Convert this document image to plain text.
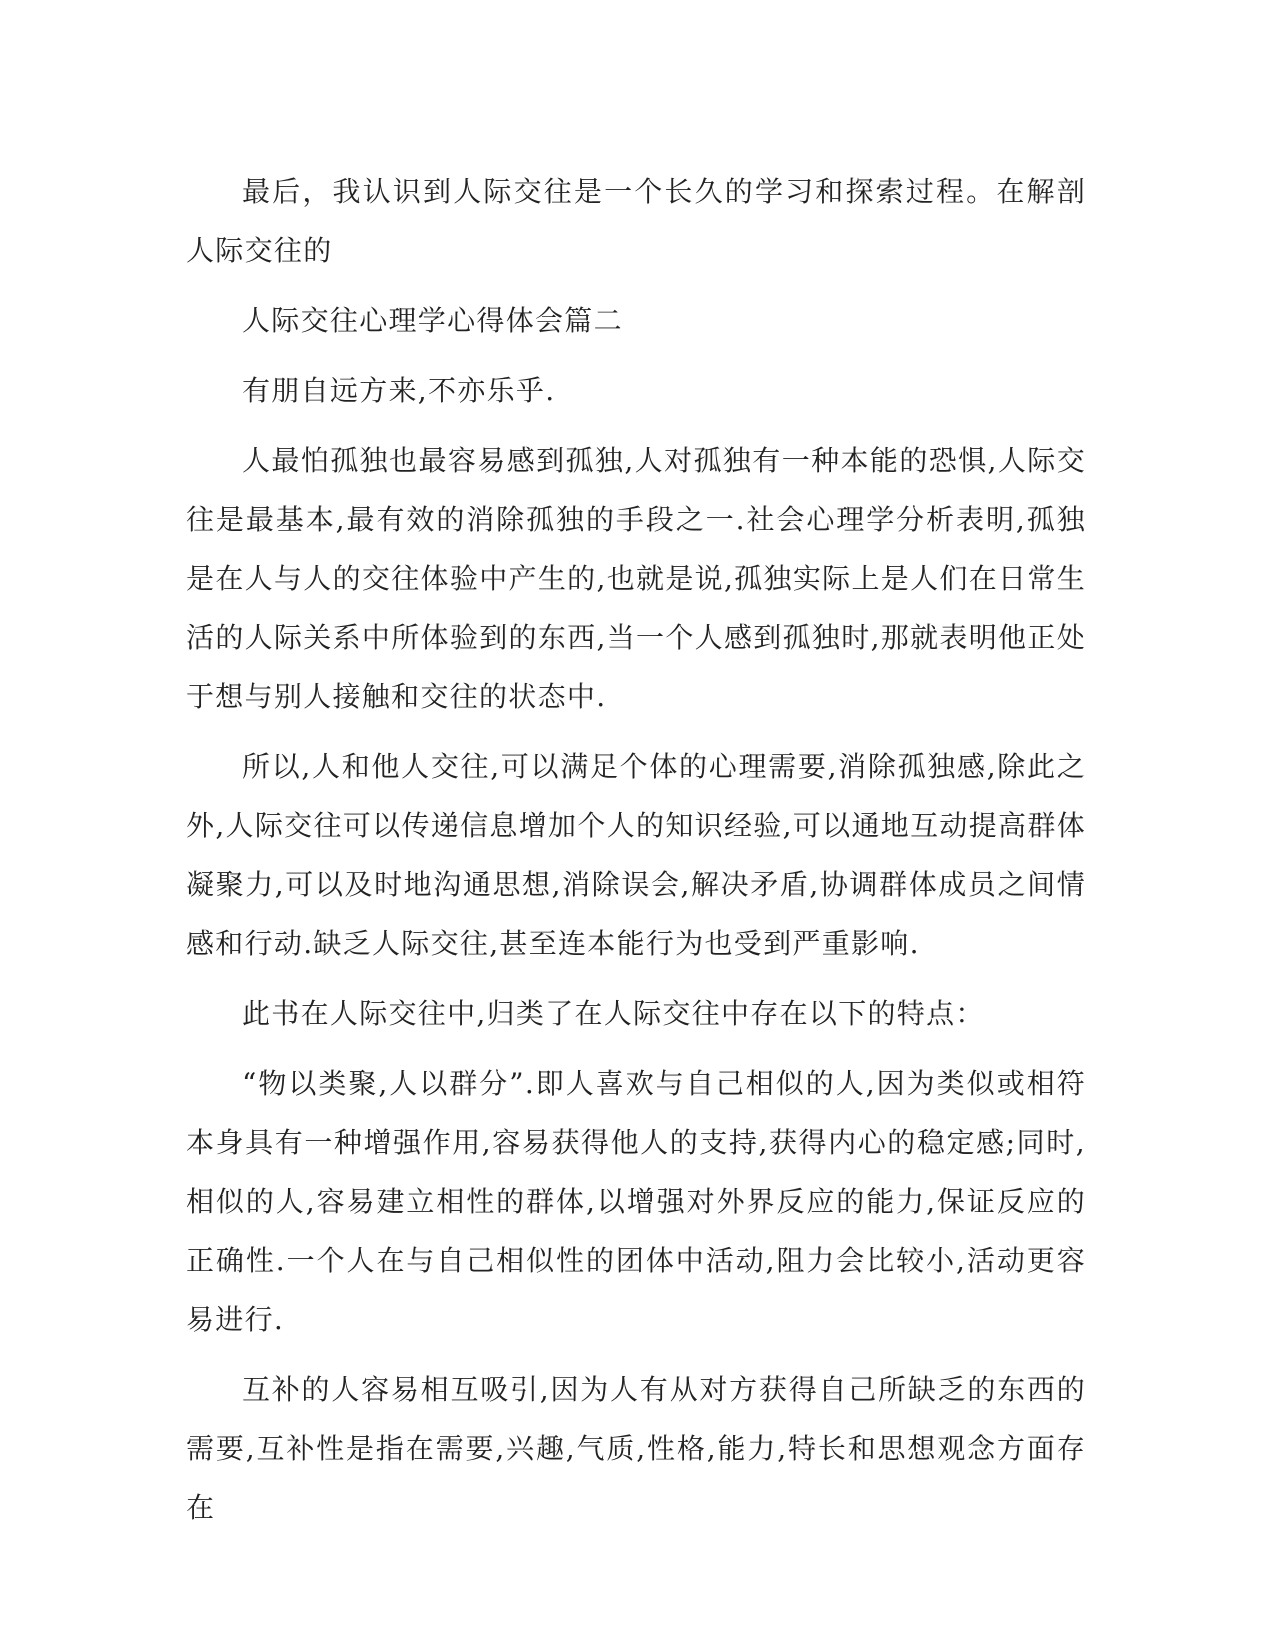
最后，我认识到人际交往是一个长久的学习和探索过程。在解剖人际交往的

人际交往心理学心得体会篇二

有朋自远方来,不亦乐乎.

人最怕孤独也最容易感到孤独,人对孤独有一种本能的恐惧,人际交往是最基本,最有效的消除孤独的手段之一.社会心理学分析表明,孤独是在人与人的交往体验中产生的,也就是说,孤独实际上是人们在日常生活的人际关系中所体验到的东西,当一个人感到孤独时,那就表明他正处于想与别人接触和交往的状态中.

所以,人和他人交往,可以满足个体的心理需要,消除孤独感,除此之外,人际交往可以传递信息增加个人的知识经验,可以通地互动提高群体凝聚力,可以及时地沟通思想,消除误会,解决矛盾,协调群体成员之间情感和行动.缺乏人际交往,甚至连本能行为也受到严重影响.

此书在人际交往中,归类了在人际交往中存在以下的特点：

“物以类聚,人以群分”.即人喜欢与自己相似的人,因为类似或相符本身具有一种增强作用,容易获得他人的支持,获得内心的稳定感;同时,相似的人,容易建立相性的群体,以增强对外界反应的能力,保证反应的正确性.一个人在与自己相似性的团体中活动,阻力会比较小,活动更容易进行.

互补的人容易相互吸引,因为人有从对方获得自己所缺乏的东西的需要,互补性是指在需要,兴趣,气质,性格,能力,特长和思想观念方面存在
